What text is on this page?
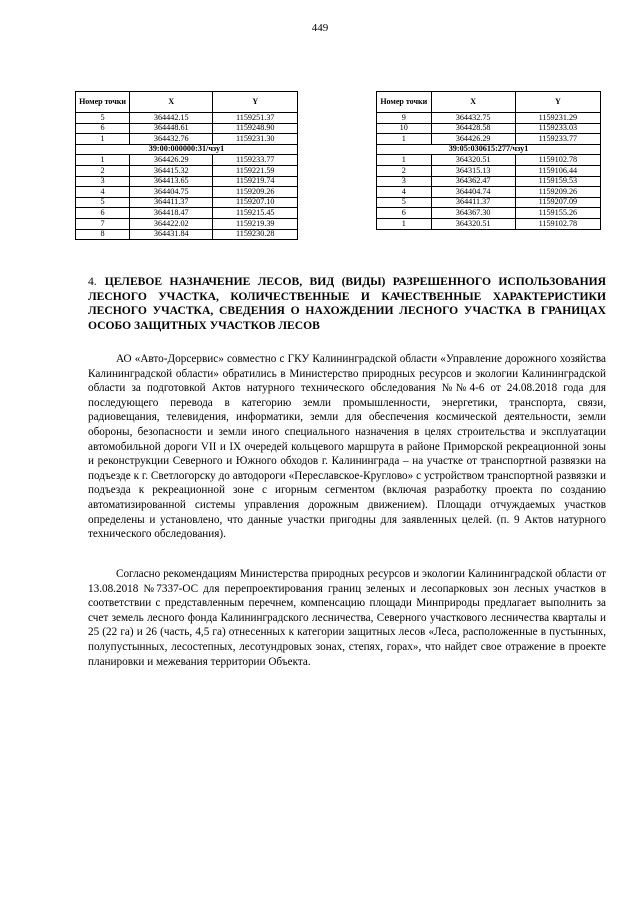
449
Номер точки	X	Y
5	364442.15	1159251.37
6	364448.61	1159248.90
1	364432.76	1159231.30
39:00:000000:31/чзу1		
1	364426.29	1159233.77
2	364415.32	1159221.59
3	364413.65	1159219.74
4	364404.75	1159209.26
5	364411.37	1159207.10
6	364418.47	1159215.45
7	364422.02	1159219.39
8	364431.84	1159230.28
Номер точки	X	Y
9	364432.75	1159231.29
10	364428.58	1159233.03
1	364426.29	1159233.77
39:05:030615:277/чзу1		
1	364320.51	1159102.78
2	364315.13	1159106.44
3	364362.47	1159159.53
4	364404.74	1159209.26
5	364411.37	1159207.09
6	364367.30	1159155.26
1	364320.51	1159102.78
4. ЦЕЛЕВОЕ НАЗНАЧЕНИЕ ЛЕСОВ, ВИД (ВИДЫ) РАЗРЕШЕННОГО ИСПОЛЬЗОВАНИЯ ЛЕСНОГО УЧАСТКА, КОЛИЧЕСТВЕННЫЕ И КАЧЕСТВЕННЫЕ ХАРАКТЕРИСТИКИ ЛЕСНОГО УЧАСТКА, СВЕДЕНИЯ О НАХОЖДЕНИИ ЛЕСНОГО УЧАСТКА В ГРАНИЦАХ ОСОБО ЗАЩИТНЫХ УЧАСТКОВ ЛЕСОВ

АО «Авто-Дорсервис» совместно с ГКУ Калининградской области «Управление дорожного хозяйства Калининградской области» обратились в Министерство природных ресурсов и экологии Калининградской области за подготовкой Актов натурного технического обследования №№4-6 от 24.08.2018 года для последующего перевода в категорию земли промышленности, энергетики, транспорта, связи, радиовещания, телевидения, информатики, земли для обеспечения космической деятельности, земли обороны, безопасности и земли иного специального назначения в целях строительства и эксплуатации автомобильной дороги VII и IX очередей кольцевого маршрута в районе Приморской рекреационной зоны и реконструкции Северного и Южного обходов г. Калининграда – на участке от транспортной развязки на подъезде к г. Светлогорску до автодороги «Переславское-Круглово» с устройством транспортной развязки и подъезда к рекреационной зоне с игорным сегментом (включая разработку проекта по созданию автоматизированной системы управления дорожным движением). Площади отчуждаемых участков определены и установлено, что данные участки пригодны для заявленных целей. (п. 9 Актов натурного технического обследования).

Согласно рекомендациям Министерства природных ресурсов и экологии Калининградской области от 13.08.2018 №7337-ОС для перепроектирования границ зеленых и лесопарковых зон лесных участков в соответствии с представленным перечнем, компенсацию площади Минприроды предлагает выполнить за счет земель лесного фонда Калининградского лесничества, Северного участкового лесничества кварталы и 25 (22 га) и 26 (часть, 4,5 га) отнесенных к категории защитных лесов «Леса, расположенные в пустынных, полупустынных, лесостепных, лесотундровых зонах, степях, горах», что найдет свое отражение в проекте планировки и межевания территории Объекта.
